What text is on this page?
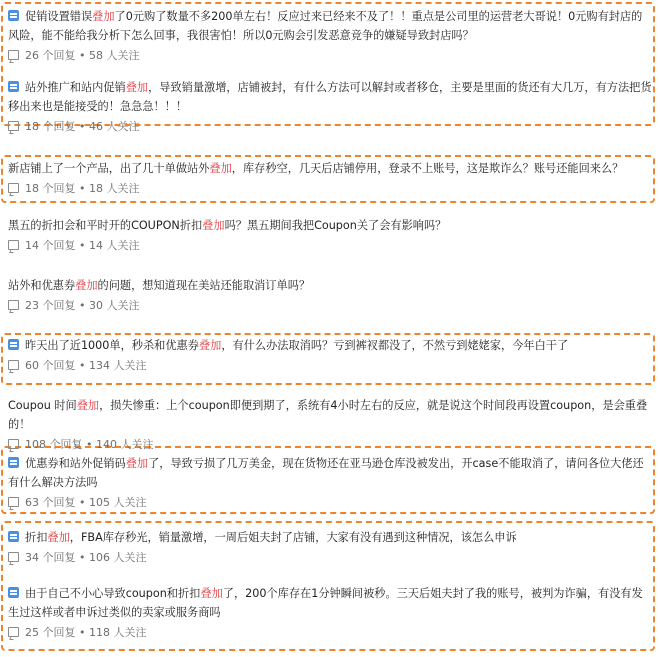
促销设置错误叠加了0元购了数量不多200单左右！反应过来已经来不及了！！重点是公司里的运营老大哥说！0元购有封店的风险，能不能给我分析下怎么回事，我很害怕！所以0元购会引发恶意竞争的嫌疑导致封店吗？

26 个回复 • 58 人关注

站外推广和站内促销叠加，导致销量激增，店铺被封，有什么方法可以解封或者移仓，主要是里面的货还有大几万，有方法把货移出来也是能接受的！急急急！！！

18 个回复 • 46 人关注

新店铺上了一个产品，出了几十单做站外叠加，库存秒空，几天后店铺停用，登录不上账号，这是欺诈么？账号还能回来么？

18 个回复 • 18 人关注

黑五的折扣会和平时开的COUPON折扣叠加吗？黑五期间我把Coupon关了会有影响吗？

14 个回复 • 14 人关注

站外和优惠券叠加的问题，想知道现在美站还能取消订单吗？

23 个回复 • 30 人关注

昨天出了近1000单，秒杀和优惠券叠加，有什么办法取消吗？亏到裤衩都没了，不然亏到姥姥家，今年白干了

60 个回复 • 134 人关注

Coupou 时间叠加，损失惨重：上个coupon即便到期了，系统有4小时左右的反应，就是说这个时间段再设置coupon，是会重叠的！

108 个回复 • 140 人关注

优惠券和站外促销码叠加了，导致亏损了几万美金，现在货物还在亚马逊仓库没被发出，开case不能取消了，请问各位大佬还有什么解决方法吗

63 个回复 • 105 人关注

折扣叠加，FBA库存秒光，销量激增，一周后姐夫封了店铺，大家有没有遇到这种情况，该怎么申诉

34 个回复 • 106 人关注

由于自己不小心导致coupon和折扣叠加了，200个库存在1分钟瞬间被秒。三天后姐夫封了我的账号，被判为诈骗，有没有发生过这样或者申诉过类似的卖家或服务商吗

25 个回复 • 118 人关注
